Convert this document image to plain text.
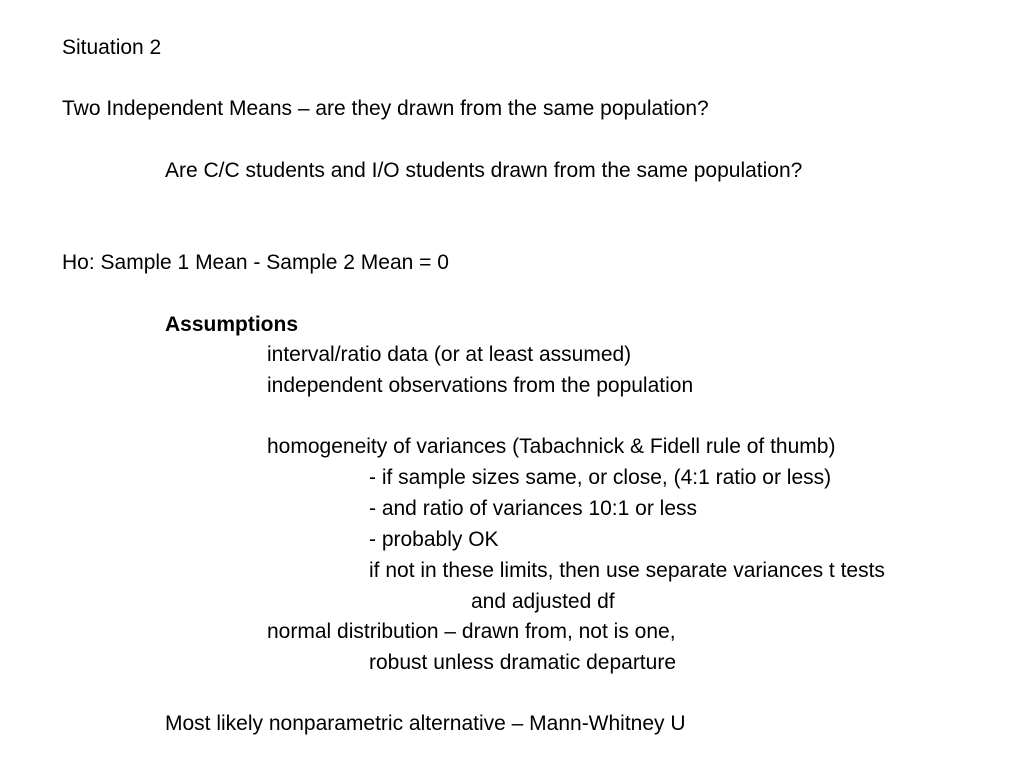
Situation 2
Two Independent Means – are they drawn from the same population?
Are C/C students and I/O students drawn from the same population?
Ho: Sample 1 Mean - Sample 2 Mean = 0
Assumptions
interval/ratio data (or at least assumed)
independent observations from the population
homogeneity of variances (Tabachnick & Fidell rule of thumb)
- if sample sizes same, or close, (4:1 ratio or less)
- and ratio of variances 10:1 or less
- probably OK
if not in these limits, then use separate variances t tests
and adjusted df
normal distribution – drawn from, not is one,
robust unless dramatic departure
Most likely nonparametric alternative – Mann-Whitney U
